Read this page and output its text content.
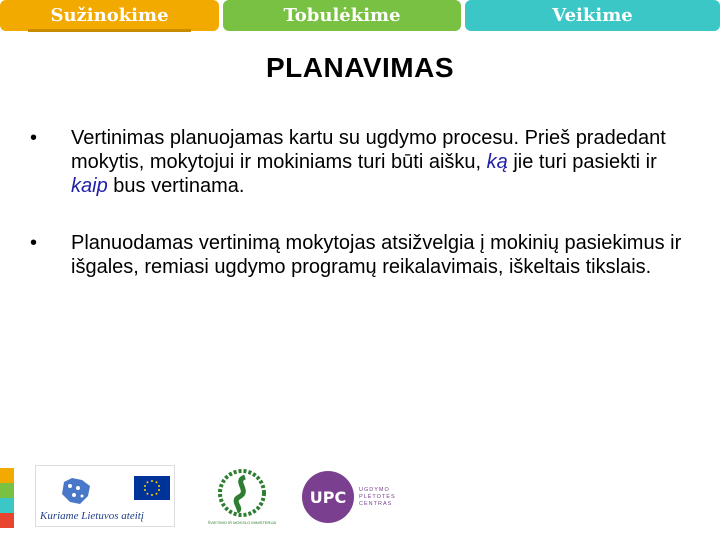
Sužinokime	Tobulėkime	Veikime
PLANAVIMAS
• Vertinimas planuojamas kartu su ugdymo procesu. Prieš pradedant mokytis, mokytojui ir mokiniams turi būti aišku, ką jie turi pasiekti ir kaip bus vertinama.
• Planuodamas vertinimą mokytojas atsižvelgia į mokinių pasiekimus ir išgales, remiasi ugdymo programų reikalavimais, iškeltais tikslais.
Kuriame Lietuvos ateitį
ŠVIETIMO IR MOKSLO MINISTERIJA
UPC UGDYMO
PLĖTOTĖS
CENTRAS
